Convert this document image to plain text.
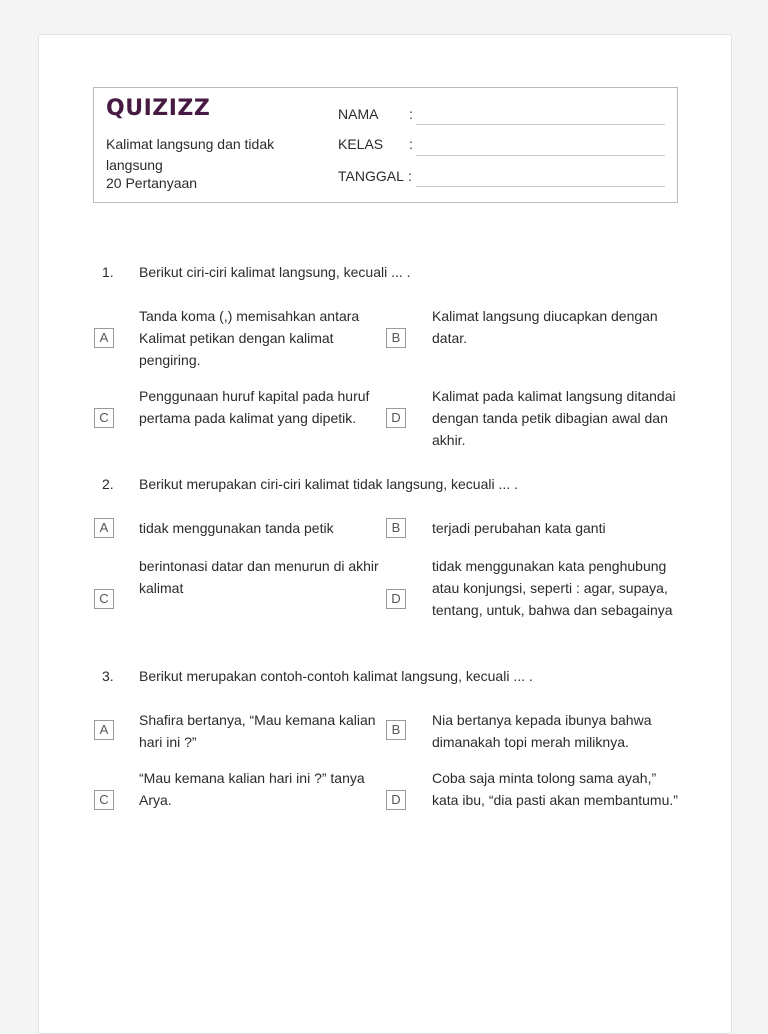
QUIZIZZ
Kalimat langsung dan tidak langsung
20 Pertanyaan
NAMA :
KELAS :
TANGGAL :
1. Berikut ciri-ciri kalimat langsung, kecuali ... .
A
Tanda koma (,) memisahkan antara Kalimat petikan dengan kalimat pengiring.
B
Kalimat langsung diucapkan dengan datar.
C
Penggunaan huruf kapital pada huruf pertama pada kalimat yang dipetik.	D
Kalimat pada kalimat langsung ditandai dengan tanda petik dibagian awal dan akhir.
2. Berikut merupakan ciri-ciri kalimat tidak langsung, kecuali ... .
A	tidak menggunakan tanda petik	B	terjadi perubahan kata ganti
C
berintonasi datar dan menurun di akhir kalimat
D
tidak menggunakan kata penghubung atau konjungsi, seperti : agar, supaya, tentang, untuk, bahwa dan sebagainya
3. Berikut merupakan contoh-contoh kalimat langsung, kecuali ... .
A
Shafira bertanya, “Mau kemana kalian hari ini ?”
B
Nia bertanya kepada ibunya bahwa dimanakah topi merah miliknya.
C
“Mau kemana kalian hari ini ?” tanya Arya.	D
Coba saja minta tolong sama ayah,” kata ibu, “dia pasti akan membantumu.”
